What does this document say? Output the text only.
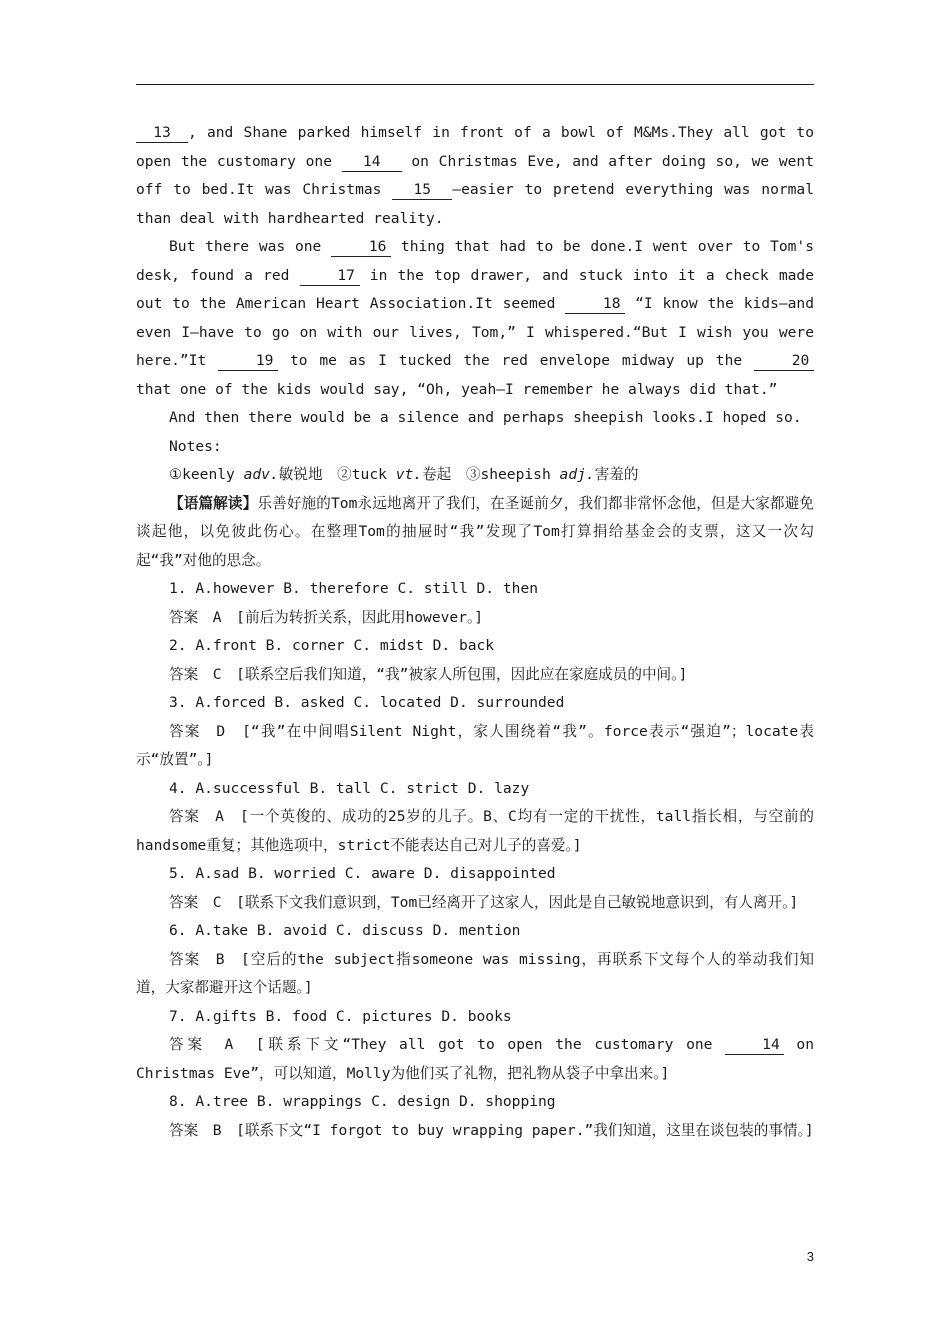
13 , and Shane parked himself in front of a bowl of M&Ms.They all got to open the customary one 14 on Christmas Eve, and after doing so, we went off to bed.It was Christmas 15 —easier to pretend everything was normal than deal with hardhearted reality.

But there was one	16 thing that had to be done.I went over to Tom's desk, found a red	17 in the top drawer, and stuck into it a check made out to the American Heart Association.It seemed	18 “I know the kids—and even I—have to go on with our lives, Tom,” I whispered.“But I wish you were here.”It	19 to me as I tucked the red envelope midway up the	20 that one of the kids would say, “Oh, yeah—I remember he always did that.”

And then there would be a silence and perhaps sheepish looks.I hoped so.

Notes:

①keenly adv.敏锐地　 ②tuck vt.卷起　 ③sheepish adj.害羞的

【语篇解读】乐善好施的Tom永远地离开了我们，在圣诞前夕，我们都非常怀念他，但是大家都避免谈起他，以免彼此伤心。在整理Tom的抽屉时“我”发现了Tom打算捐给基金会的支票，这又一次勾起“我”对他的思念。

1. A.however B. therefore C. still D. then

答案　A　[前后为转折关系，因此用however。]

2. A.front B. corner C. midst D. back

答案　C　[联系空后我们知道，“我”被家人所包围，因此应在家庭成员的中间。]

3. A.forced B. asked C. located D. surrounded

答案　D　[“我”在中间唱Silent Night，家人围绕着“我”。force表示“强迫”；locate表示“放置”。]

4. A.successful B. tall C. strict D. lazy

答案　A　[一个英俊的、成功的25岁的儿子。B、C均有一定的干扰性，tall指长相，与空前的handsome重复；其他选项中，strict不能表达自己对儿子的喜爱。]

5. A.sad B. worried C. aware D. disappointed

答案　C　[联系下文我们意识到，Tom已经离开了这家人，因此是自己敏锐地意识到，有人离开。]

6. A.take B. avoid C. discuss D. mention

答案　B　[空后的the subject指someone was missing，再联系下文每个人的举动我们知道，大家都避开这个话题。]

7. A.gifts B. food C. pictures D. books

答案　A　[联系下文“They all got to open the customary one	14 on Christmas Eve”，可以知道，Molly为他们买了礼物，把礼物从袋子中拿出来。]

8. A.tree B. wrappings C. design D. shopping

答案　B　[联系下文“I forgot to buy wrapping paper.”我们知道，这里在谈包装的事情。]

3
